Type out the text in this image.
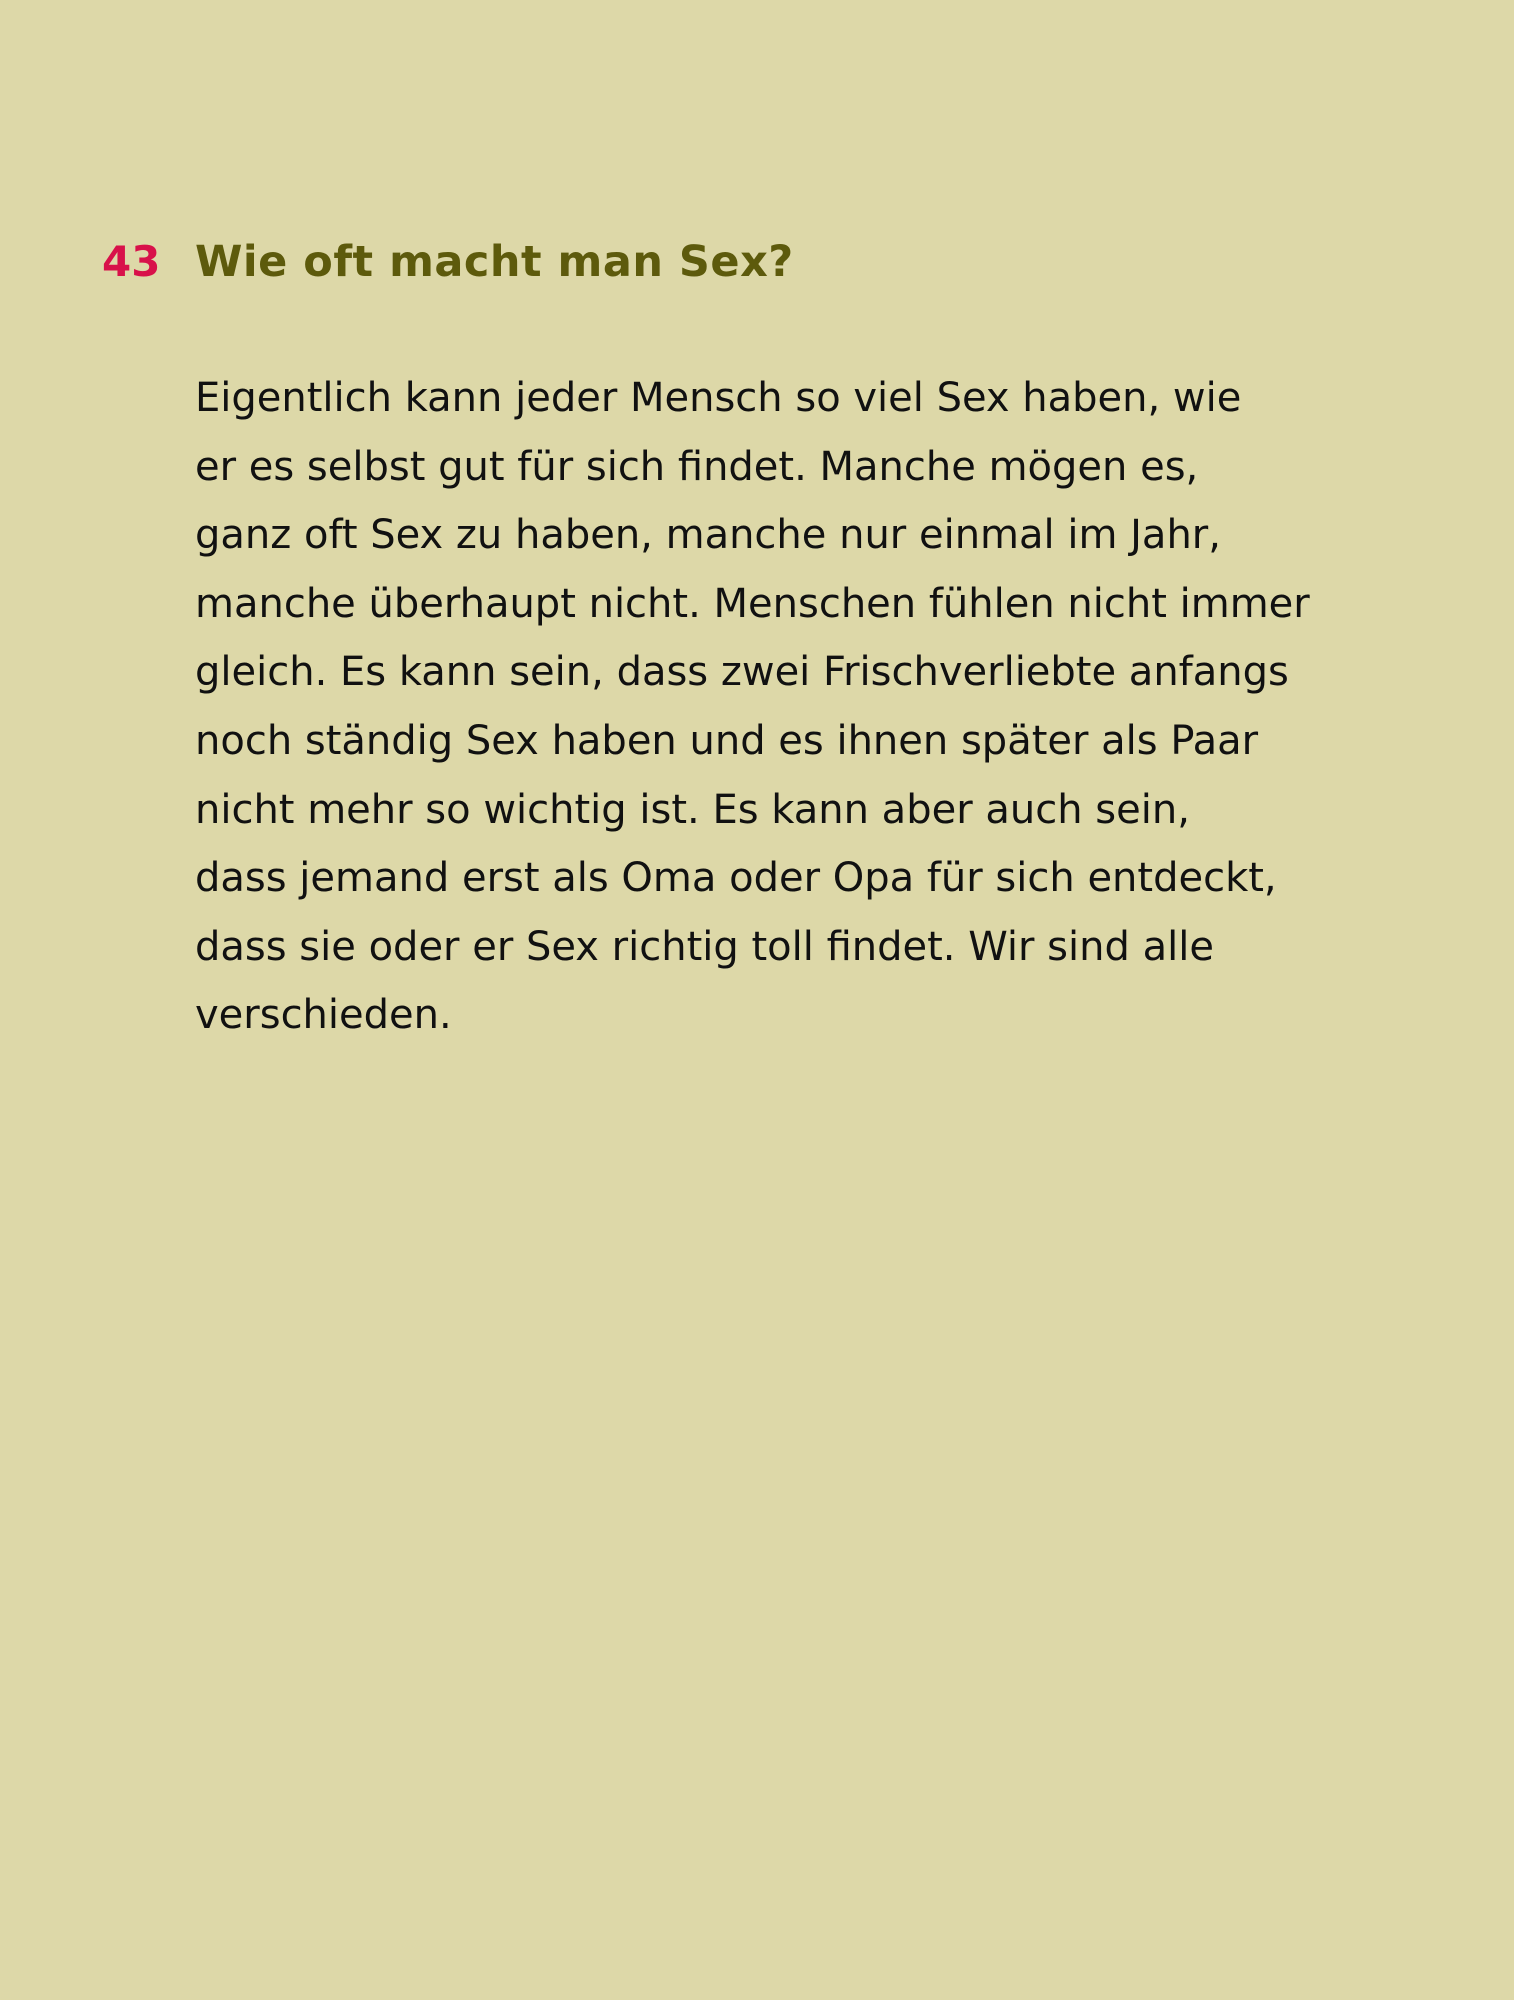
43 Wie oft macht man Sex?

Eigentlich kann jeder Mensch so viel Sex haben, wie
er es selbst gut für sich findet. Manche mögen es,
ganz oft Sex zu haben, manche nur einmal im Jahr,
manche überhaupt nicht. Menschen fühlen nicht immer
gleich. Es kann sein, dass zwei Frischverliebte anfangs
noch ständig Sex haben und es ihnen später als Paar
nicht mehr so wichtig ist. Es kann aber auch sein,
dass jemand erst als Oma oder Opa für sich entdeckt,
dass sie oder er Sex richtig toll findet. Wir sind alle
verschieden.
